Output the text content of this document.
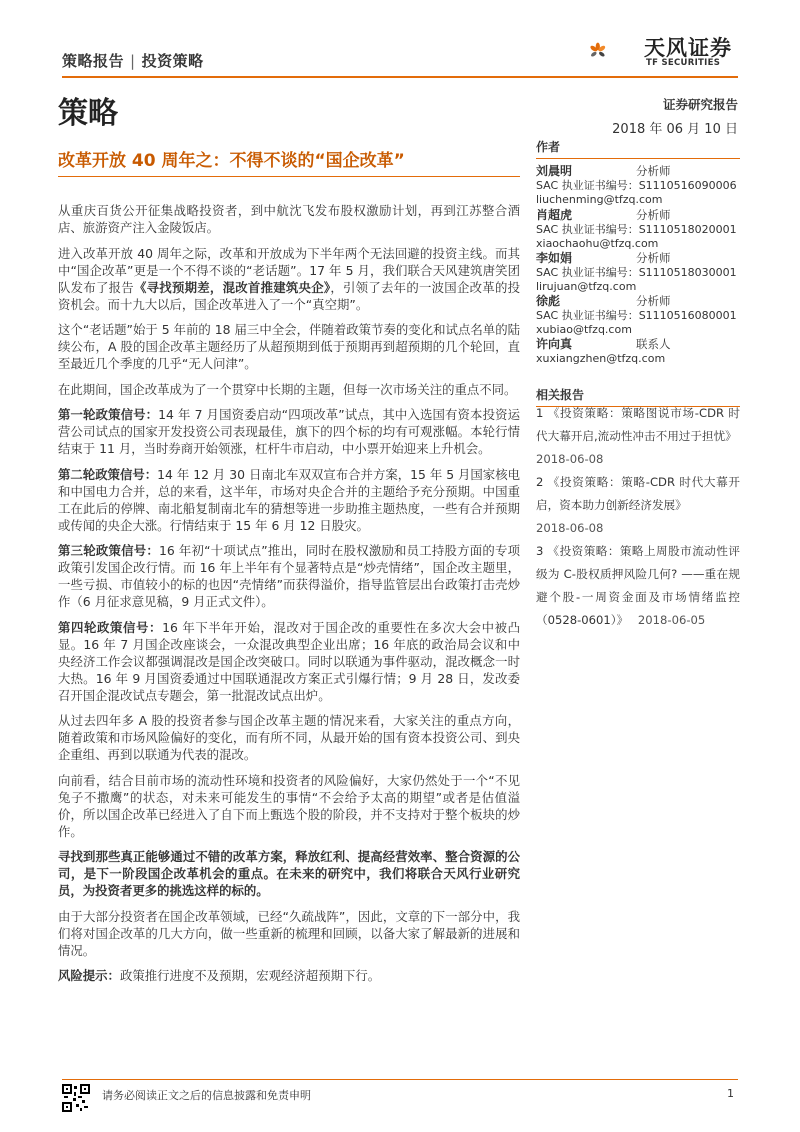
策略报告 | 投资策略
天风证券
TF SECURITIES
策略	证券研究报告
2018 年 06 月 10 日
改革开放 40 周年之：不得不谈的“国企改革”

从重庆百货公开征集战略投资者，到中航沈飞发布股权激励计划，再到江苏整合酒店、旅游资产注入金陵饭店。

进入改革开放 40 周年之际，改革和开放成为下半年两个无法回避的投资主线。而其中“国企改革”更是一个不得不谈的“老话题”。17 年 5 月，我们联合天风建筑唐笑团队发布了报告《寻找预期差，混改首推建筑央企》，引领了去年的一波国企改革的投资机会。而十九大以后，国企改革进入了一个“真空期”。

这个“老话题”始于 5 年前的 18 届三中全会，伴随着政策节奏的变化和试点名单的陆续公布，A 股的国企改革主题经历了从超预期到低于预期再到超预期的几个轮回，直至最近几个季度的几乎“无人问津”。

在此期间，国企改革成为了一个贯穿中长期的主题，但每一次市场关注的重点不同。

第一轮政策信号：14 年 7 月国资委启动“四项改革”试点，其中入选国有资本投资运营公司试点的国家开发投资公司表现最佳，旗下的四个标的均有可观涨幅。本轮行情结束于 11 月，当时券商开始领涨，杠杆牛市启动，中小票开始迎来上升机会。

第二轮政策信号：14 年 12 月 30 日南北车双双宣布合并方案，15 年 5 月国家核电和中国电力合并，总的来看，这半年，市场对央企合并的主题给予充分预期。中国重工在此后的停牌、南北船复制南北车的猜想等进一步助推主题热度，一些有合并预期或传闻的央企大涨。行情结束于 15 年 6 月 12 日股灾。

第三轮政策信号：16 年初“十项试点”推出，同时在股权激励和员工持股方面的专项政策引发国企改行情。而 16 年上半年有个显著特点是“炒壳情绪”，国企改主题里，一些亏损、市值较小的标的也因“壳情绪”而获得溢价，指导监管层出台政策打击壳炒作（6 月征求意见稿，9 月正式文件）。

第四轮政策信号：16 年下半年开始，混改对于国企改的重要性在多次大会中被凸显。16 年 7 月国企改座谈会，一众混改典型企业出席；16 年底的政治局会议和中央经济工作会议都强调混改是国企改突破口。同时以联通为事件驱动，混改概念一时大热。16 年 9 月国资委通过中国联通混改方案正式引爆行情；9 月 28 日，发改委召开国企混改试点专题会，第一批混改试点出炉。

从过去四年多 A 股的投资者参与国企改革主题的情况来看，大家关注的重点方向，随着政策和市场风险偏好的变化，而有所不同，从最开始的国有资本投资公司、到央企重组、再到以联通为代表的混改。

向前看，结合目前市场的流动性环境和投资者的风险偏好，大家仍然处于一个“不见兔子不撒鹰”的状态，对未来可能发生的事情“不会给予太高的期望”或者是估值溢价，所以国企改革已经进入了自下而上甄选个股的阶段，并不支持对于整个板块的炒作。

寻找到那些真正能够通过不错的改革方案，释放红利、提高经营效率、整合资源的公司，是下一阶段国企改革机会的重点。在未来的研究中，我们将联合天风行业研究员，为投资者更多的挑选这样的标的。

由于大部分投资者在国企改革领域，已经“久疏战阵”，因此，文章的下一部分中，我们将对国企改革的几大方向，做一些重新的梳理和回顾，以备大家了解最新的进展和情况。

风险提示：政策推行进度不及预期，宏观经济超预期下行。

作者
刘晨明	分析师
SAC 执业证书编号：S1110516090006
liuchenming@tfzq.com
肖超虎	分析师
SAC 执业证书编号：S1110518020001
xiaochaohu@tfzq.com
李如娟	分析师
SAC 执业证书编号：S1110518030001
lirujuan@tfzq.com
徐彪	分析师
SAC 执业证书编号：S1110516080001
xubiao@tfzq.com
许向真	联系人
xuxiangzhen@tfzq.com
相关报告
1 《投资策略：策略图说市场-CDR 时代大幕开启,流动性冲击不用过于担忧》
2018-06-08
2 《投资策略：策略-CDR 时代大幕开启，资本助力创新经济发展》
2018-06-08
3 《投资策略：策略上周股市流动性评级为 C-股权质押风险几何? ——重在规避个股-一周资金面及市场情绪监控（0528-0601）》 2018-06-05
请务必阅读正文之后的信息披露和免责申明	1
